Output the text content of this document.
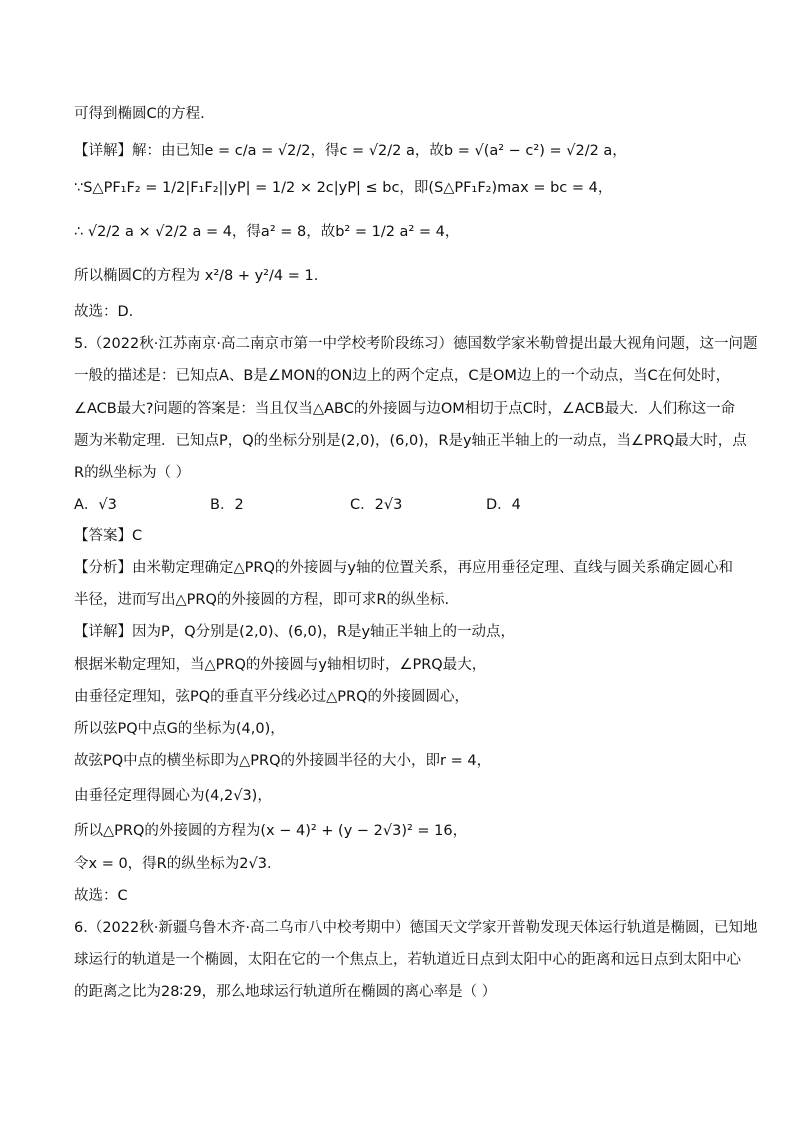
可得到椭圆C的方程.
【详解】解：由已知e = c/a = √2/2，得c = √2/2 a，故b = √(a² − c²) = √2/2 a，
∵S△PF₁F₂ = 1/2|F₁F₂||yP| = 1/2 × 2c|yP| ≤ bc，即(S△PF₁F₂)max = bc = 4，
∴ √2/2 a × √2/2 a = 4，得a² = 8，故b² = 1/2 a² = 4，
所以椭圆C的方程为 x²/8 + y²/4 = 1.
故选：D.
5.（2022秋·江苏南京·高二南京市第一中学校考阶段练习）德国数学家米勒曾提出最大视角问题，这一问题
一般的描述是：已知点A、B是∠MON的ON边上的两个定点，C是OM边上的一个动点，当C在何处时，
∠ACB最大?问题的答案是：当且仅当△ABC的外接圆与边OM相切于点C时，∠ACB最大．人们称这一命
题为米勒定理．已知点P，Q的坐标分别是(2,0)，(6,0)，R是y轴正半轴上的一动点，当∠PRQ最大时，点
R的纵坐标为（ ）
A．√3	B．2	C．2√3	D．4
【答案】C
【分析】由米勒定理确定△PRQ的外接圆与y轴的位置关系，再应用垂径定理、直线与圆关系确定圆心和
半径，进而写出△PRQ的外接圆的方程，即可求R的纵坐标.
【详解】因为P，Q分别是(2,0)、(6,0)，R是y轴正半轴上的一动点，
根据米勒定理知，当△PRQ的外接圆与y轴相切时，∠PRQ最大，
由垂径定理知，弦PQ的垂直平分线必过△PRQ的外接圆圆心，
所以弦PQ中点G的坐标为(4,0)，
故弦PQ中点的横坐标即为△PRQ的外接圆半径的大小，即r = 4，
由垂径定理得圆心为(4,2√3)，
所以△PRQ的外接圆的方程为(x − 4)² + (y − 2√3)² = 16，
令x = 0，得R的纵坐标为2√3.
故选：C
6.（2022秋·新疆乌鲁木齐·高二乌市八中校考期中）德国天文学家开普勒发现天体运行轨道是椭圆，已知地
球运行的轨道是一个椭圆，太阳在它的一个焦点上，若轨道近日点到太阳中心的距离和远日点到太阳中心
的距离之比为28∶29，那么地球运行轨道所在椭圆的离心率是（ ）
